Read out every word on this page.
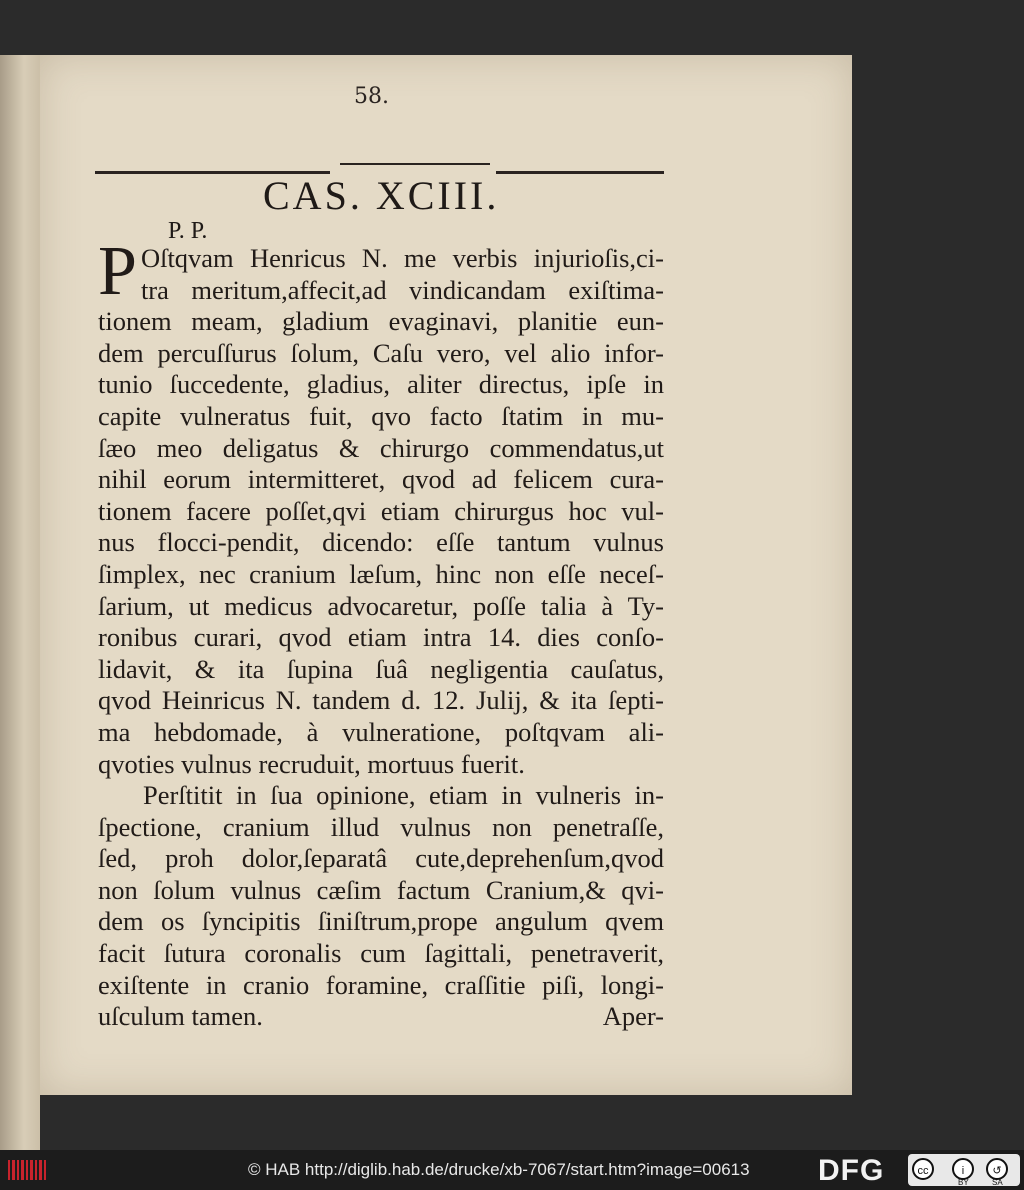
58.
CAS. XCIII.
P. P.
P Oſtqvam Henricus N. me verbis injurioſis,ci-
tra meritum,affecit,ad vindicandam exiſtima-
tionem meam, gladium evaginavi, planitie eun-
dem percuſſurus ſolum, Caſu vero, vel alio infor-
tunio ſuccedente, gladius, aliter directus, ipſe in
capite vulneratus fuit, qvo facto ſtatim in mu-
ſæo meo deligatus & chirurgo commendatus,ut
nihil eorum intermitteret, qvod ad felicem cura-
tionem facere poſſet,qvi etiam chirurgus hoc vul-
nus flocci-pendit, dicendo: eſſe tantum vulnus
ſimplex, nec cranium læſum, hinc non eſſe neceſ-
ſarium, ut medicus advocaretur, poſſe talia à Ty-
ronibus curari, qvod etiam intra 14. dies conſo-
lidavit, & ita ſupina ſuâ negligentia cauſatus,
qvod Heinricus N. tandem d. 12. Julij, & ita ſepti-
ma hebdomade, à vulneratione, poſtqvam ali-
qvoties vulnus recruduit, mortuus fuerit.
Perſtitit in ſua opinione, etiam in vulneris in-
ſpectione, cranium illud vulnus non penetraſſe,
ſed, proh dolor,ſeparatâ cute,deprehenſum,qvod
non ſolum vulnus cæſim factum Cranium,& qvi-
dem os ſyncipitis ſiniſtrum,prope angulum qvem
facit ſutura coronalis cum ſagittali, penetraverit,
exiſtente in cranio foramine, craſſitie piſi, longi-
uſculum tamen.	Aper-
© HAB http://diglib.hab.de/drucke/xb-7067/start.htm?image=00613 DFG	cc	i	↺
BY	SA
